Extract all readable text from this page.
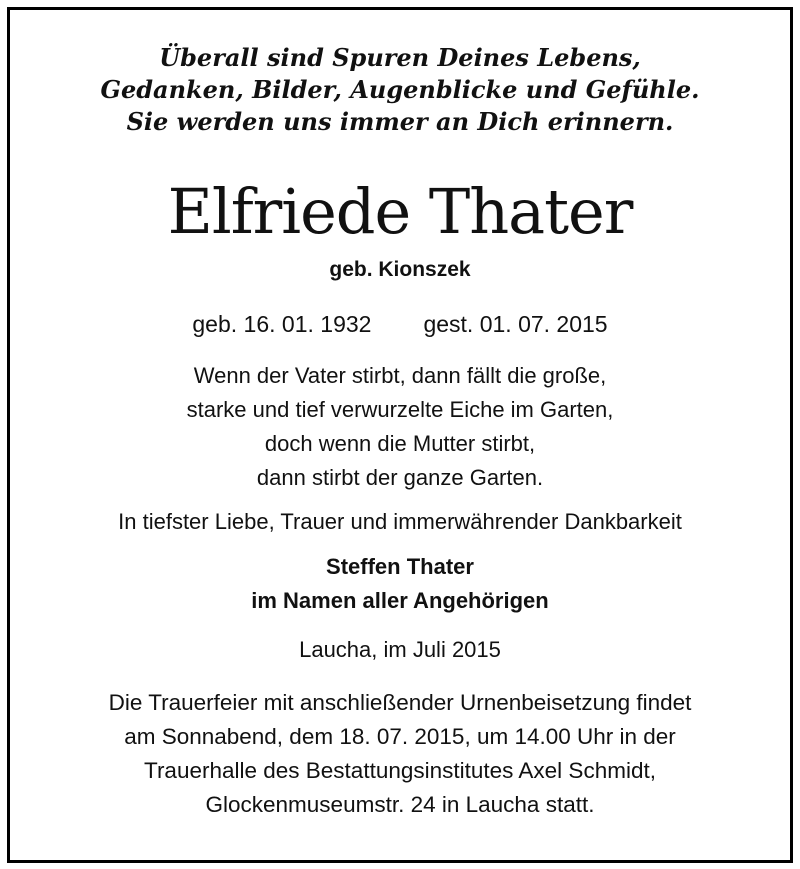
Überall sind Spuren Deines Lebens,
Gedanken, Bilder, Augenblicke und Gefühle.
Sie werden uns immer an Dich erinnern.
Elfriede Thater
geb. Kionszek
geb. 16. 01. 1932 gest. 01. 07. 2015
Wenn der Vater stirbt, dann fällt die große,
starke und tief verwurzelte Eiche im Garten,
doch wenn die Mutter stirbt,
dann stirbt der ganze Garten.
In tiefster Liebe, Trauer und immerwährender Dankbarkeit
Steffen Thater
im Namen aller Angehörigen
Laucha, im Juli 2015
Die Trauerfeier mit anschließender Urnenbeisetzung findet
am Sonnabend, dem 18. 07. 2015, um 14.00 Uhr in der
Trauerhalle des Bestattungsinstitutes Axel Schmidt,
Glockenmuseumstr. 24 in Laucha statt.
